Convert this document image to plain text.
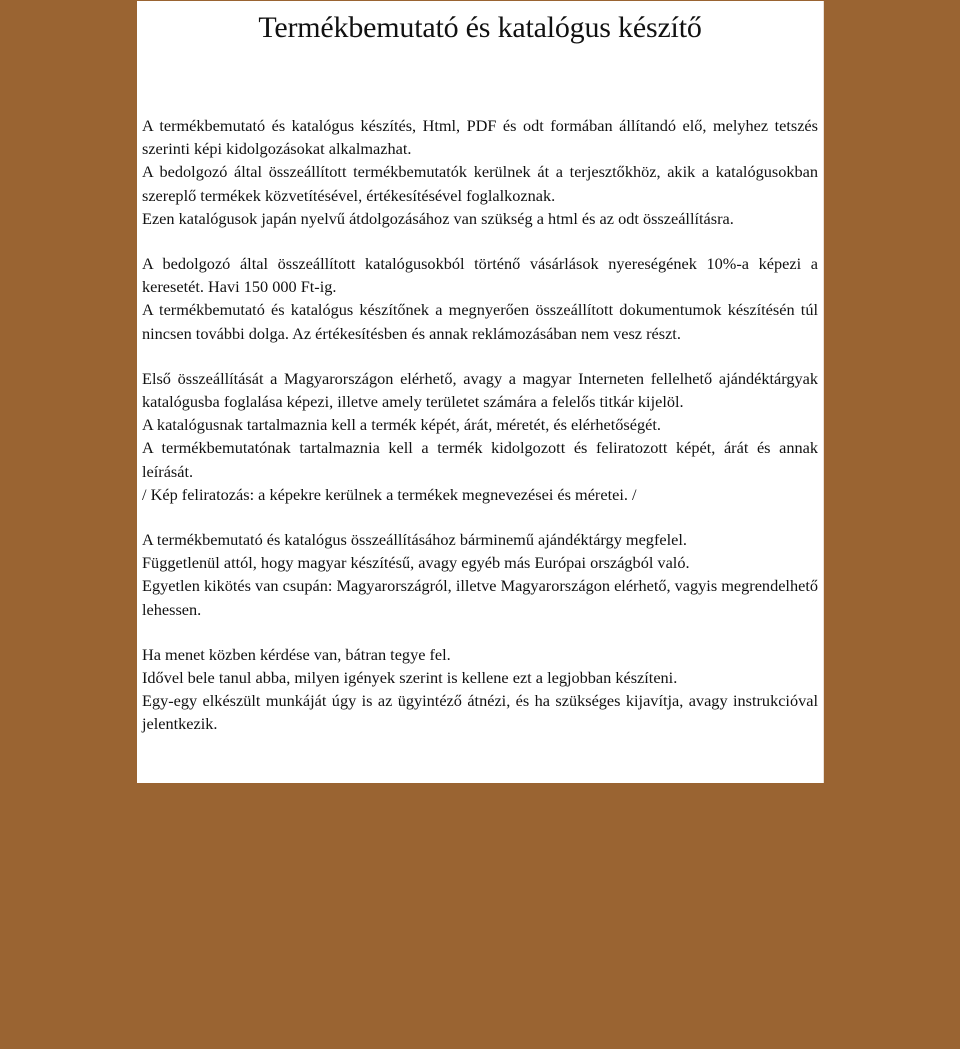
Termékbemutató és katalógus készítő

A termékbemutató és katalógus készítés, Html, PDF és odt formában állítandó elő, melyhez tetszés szerinti képi kidolgozásokat alkalmazhat.

A bedolgozó által összeállított termékbemutatók kerülnek át a terjesztőkhöz, akik a katalógusokban szereplő termékek közvetítésével, értékesítésével foglalkoznak.

Ezen katalógusok japán nyelvű átdolgozásához van szükség a html és az odt összeállításra.

A bedolgozó által összeállított katalógusokból történő vásárlások nyereségének 10%-a képezi a keresetét. Havi 150 000 Ft-ig.

A termékbemutató és katalógus készítőnek a megnyerően összeállított dokumentumok készítésén túl nincsen további dolga. Az értékesítésben és annak reklámozásában nem vesz részt.

Első összeállítását a Magyarországon elérhető, avagy a magyar Interneten fellelhető ajándéktárgyak katalógusba foglalása képezi, illetve amely területet számára a felelős titkár kijelöl.

A katalógusnak tartalmaznia kell a termék képét, árát, méretét, és elérhetőségét.

A termékbemutatónak tartalmaznia kell a termék kidolgozott és feliratozott képét, árát és annak leírását.

/ Kép feliratozás: a képekre kerülnek a termékek megnevezései és méretei. /

A termékbemutató és katalógus összeállításához bárminemű ajándéktárgy megfelel.

Függetlenül attól, hogy magyar készítésű, avagy egyéb más Európai országból való.

Egyetlen kikötés van csupán: Magyarországról, illetve Magyarországon elérhető, vagyis megrendelhető lehessen.

Ha menet közben kérdése van, bátran tegye fel.

Idővel bele tanul abba, milyen igények szerint is kellene ezt a legjobban készíteni.

Egy-egy elkészült munkáját úgy is az ügyintéző átnézi, és ha szükséges kijavítja, avagy instrukcióval jelentkezik.
